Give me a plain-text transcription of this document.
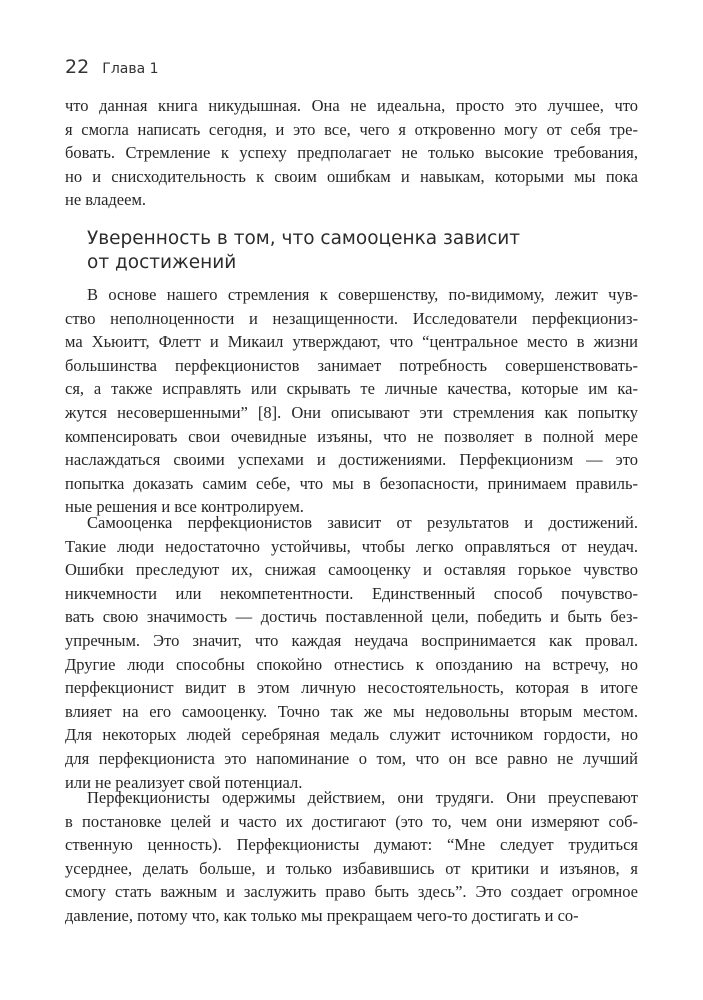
22 Глава 1
что данная книга никудышная. Она не идеальна, просто это лучшее, что
я смогла написать сегодня, и это все, чего я откровенно могу от себя тре-
бовать. Стремление к успеху предполагает не только высокие требования,
но и снисходительность к своим ошибкам и навыкам, которыми мы пока
не владеем.
Уверенность в том, что самооценка зависит
от достижений
В основе нашего стремления к совершенству, по-видимому, лежит чув-
ство неполноценности и незащищенности. Исследователи перфекциониз-
ма Хьюитт, Флетт и Микаил утверждают, что “центральное место в жизни
большинства перфекционистов занимает потребность совершенствовать-
ся, а также исправлять или скрывать те личные качества, которые им ка-
жутся несовершенными” [8]. Они описывают эти стремления как попытку
компенсировать свои очевидные изъяны, что не позволяет в полной мере
наслаждаться своими успехами и достижениями. Перфекционизм — это
попытка доказать самим себе, что мы в безопасности, принимаем правиль-
ные решения и все контролируем.
Самооценка перфекционистов зависит от результатов и достижений.
Такие люди недостаточно устойчивы, чтобы легко оправляться от неудач.
Ошибки преследуют их, снижая самооценку и оставляя горькое чувство
никчемности или некомпетентности. Единственный способ почувство-
вать свою значимость — достичь поставленной цели, победить и быть без-
упречным. Это значит, что каждая неудача воспринимается как провал.
Другие люди способны спокойно отнестись к опозданию на встречу, но
перфекционист видит в этом личную несостоятельность, которая в итоге
влияет на его самооценку. Точно так же мы недовольны вторым местом.
Для некоторых людей серебряная медаль служит источником гордости, но
для перфекциониста это напоминание о том, что он все равно не лучший
или не реализует свой потенциал.
Перфекционисты одержимы действием, они трудяги. Они преуспевают
в постановке целей и часто их достигают (это то, чем они измеряют соб-
ственную ценность). Перфекционисты думают: “Мне следует трудиться
усерднее, делать больше, и только избавившись от критики и изъянов, я
смогу стать важным и заслужить право быть здесь”. Это создает огромное
давление, потому что, как только мы прекращаем чего-то достигать и со-
